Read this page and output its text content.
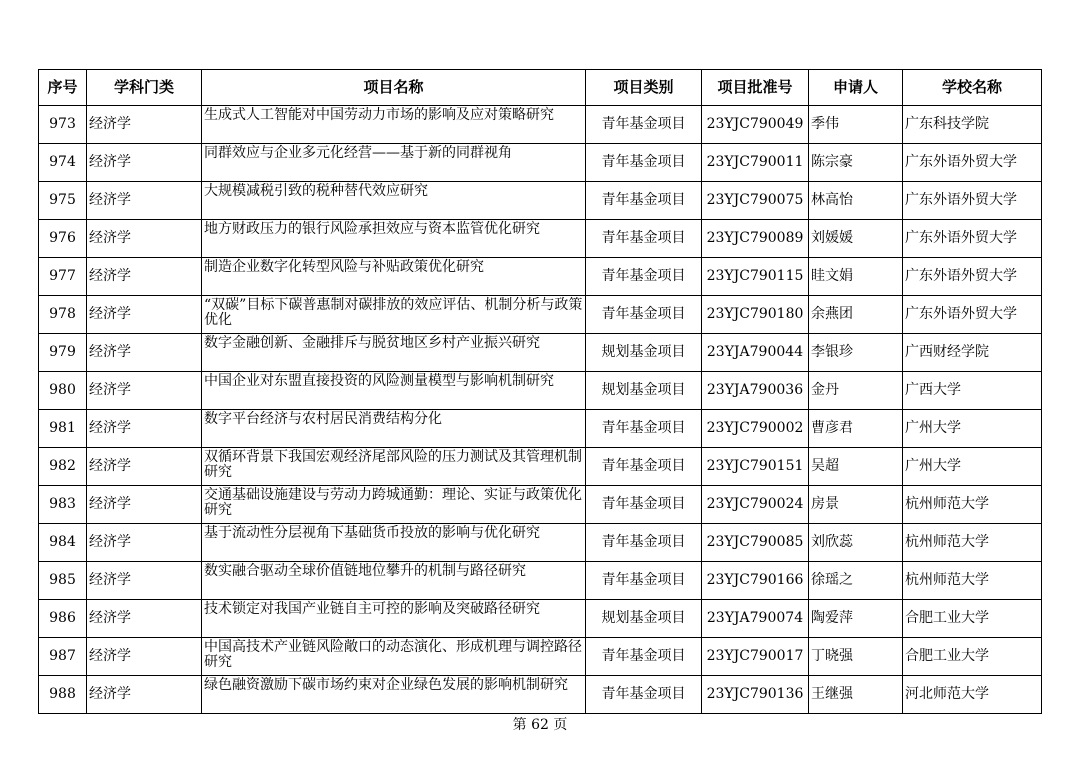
序号	学科门类	项目名称	项目类别	项目批准号	申请人	学校名称
973	经济学	生成式人工智能对中国劳动力市场的影响及应对策略研究	青年基金项目	23YJC790049	季伟	广东科技学院
974	经济学	同群效应与企业多元化经营——基于新的同群视角	青年基金项目	23YJC790011	陈宗豪	广东外语外贸大学
975	经济学	大规模减税引致的税种替代效应研究	青年基金项目	23YJC790075	林高怡	广东外语外贸大学
976	经济学	地方财政压力的银行风险承担效应与资本监管优化研究	青年基金项目	23YJC790089	刘媛媛	广东外语外贸大学
977	经济学	制造企业数字化转型风险与补贴政策优化研究	青年基金项目	23YJC790115	眭文娟	广东外语外贸大学
978	经济学	“双碳”目标下碳普惠制对碳排放的效应评估、机制分析与政策优化	青年基金项目	23YJC790180	余燕团	广东外语外贸大学
979	经济学	数字金融创新、金融排斥与脱贫地区乡村产业振兴研究	规划基金项目	23YJA790044	李银珍	广西财经学院
980	经济学	中国企业对东盟直接投资的风险测量模型与影响机制研究	规划基金项目	23YJA790036	金丹	广西大学
981	经济学	数字平台经济与农村居民消费结构分化	青年基金项目	23YJC790002	曹彦君	广州大学
982	经济学	双循环背景下我国宏观经济尾部风险的压力测试及其管理机制研究	青年基金项目	23YJC790151	吴超	广州大学
983	经济学	交通基础设施建设与劳动力跨城通勤：理论、实证与政策优化研究	青年基金项目	23YJC790024	房景	杭州师范大学
984	经济学	基于流动性分层视角下基础货币投放的影响与优化研究	青年基金项目	23YJC790085	刘欣蕊	杭州师范大学
985	经济学	数实融合驱动全球价值链地位攀升的机制与路径研究	青年基金项目	23YJC790166	徐瑶之	杭州师范大学
986	经济学	技术锁定对我国产业链自主可控的影响及突破路径研究	规划基金项目	23YJA790074	陶爱萍	合肥工业大学
987	经济学	中国高技术产业链风险敞口的动态演化、形成机理与调控路径研究	青年基金项目	23YJC790017	丁晓强	合肥工业大学
988	经济学	绿色融资激励下碳市场约束对企业绿色发展的影响机制研究	青年基金项目	23YJC790136	王继强	河北师范大学
第 62 页
